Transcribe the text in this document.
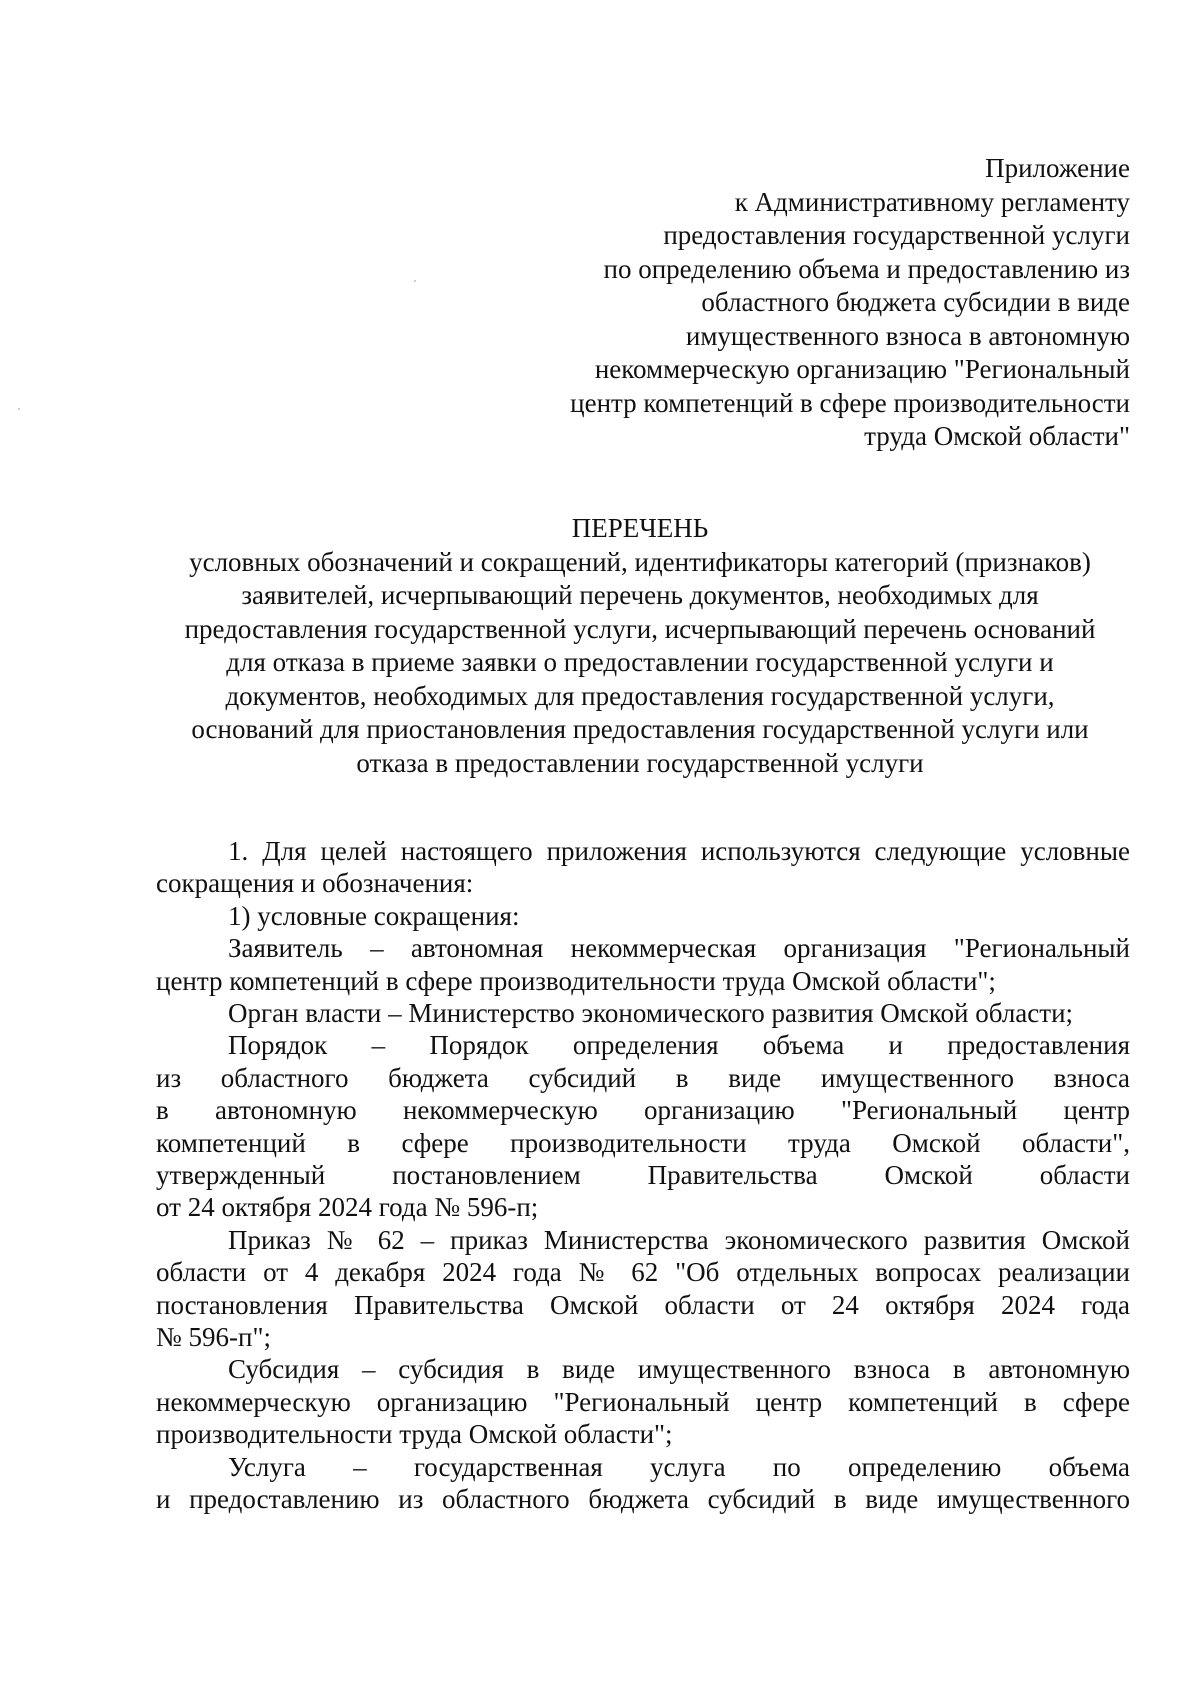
Приложение
к Административному регламенту
предоставления государственной услуги
по определению объема и предоставлению из
областного бюджета субсидии в виде
имущественного взноса в автономную
некоммерческую организацию "Региональный
центр компетенций в сфере производительности
труда Омской области"
ПЕРЕЧЕНЬ
условных обозначений и сокращений, идентификаторы категорий (признаков)
заявителей, исчерпывающий перечень документов, необходимых для
предоставления государственной услуги, исчерпывающий перечень оснований
для отказа в приеме заявки о предоставлении государственной услуги и
документов, необходимых для предоставления государственной услуги,
оснований для приостановления предоставления государственной услуги или
отказа в предоставлении государственной услуги
1. Для целей настоящего приложения используются следующие условные
сокращения и обозначения:
1) условные сокращения:
Заявитель – автономная некоммерческая организация "Региональный
центр компетенций в сфере производительности труда Омской области";
Орган власти – Министерство экономического развития Омской области;
Порядок – Порядок определения объема и предоставления
из областного бюджета субсидий в виде имущественного взноса
в автономную некоммерческую организацию "Региональный центр
компетенций в сфере производительности труда Омской области",
утвержденный постановлением Правительства Омской области
от 24 октября 2024 года № 596-п;
Приказ № 62 – приказ Министерства экономического развития Омской
области от 4 декабря 2024 года № 62 "Об отдельных вопросах реализации
постановления Правительства Омской области от 24 октября 2024 года
№ 596-п";
Субсидия – субсидия в виде имущественного взноса в автономную
некоммерческую организацию "Региональный центр компетенций в сфере
производительности труда Омской области";
Услуга – государственная услуга по определению объема
и предоставлению из областного бюджета субсидий в виде имущественного
